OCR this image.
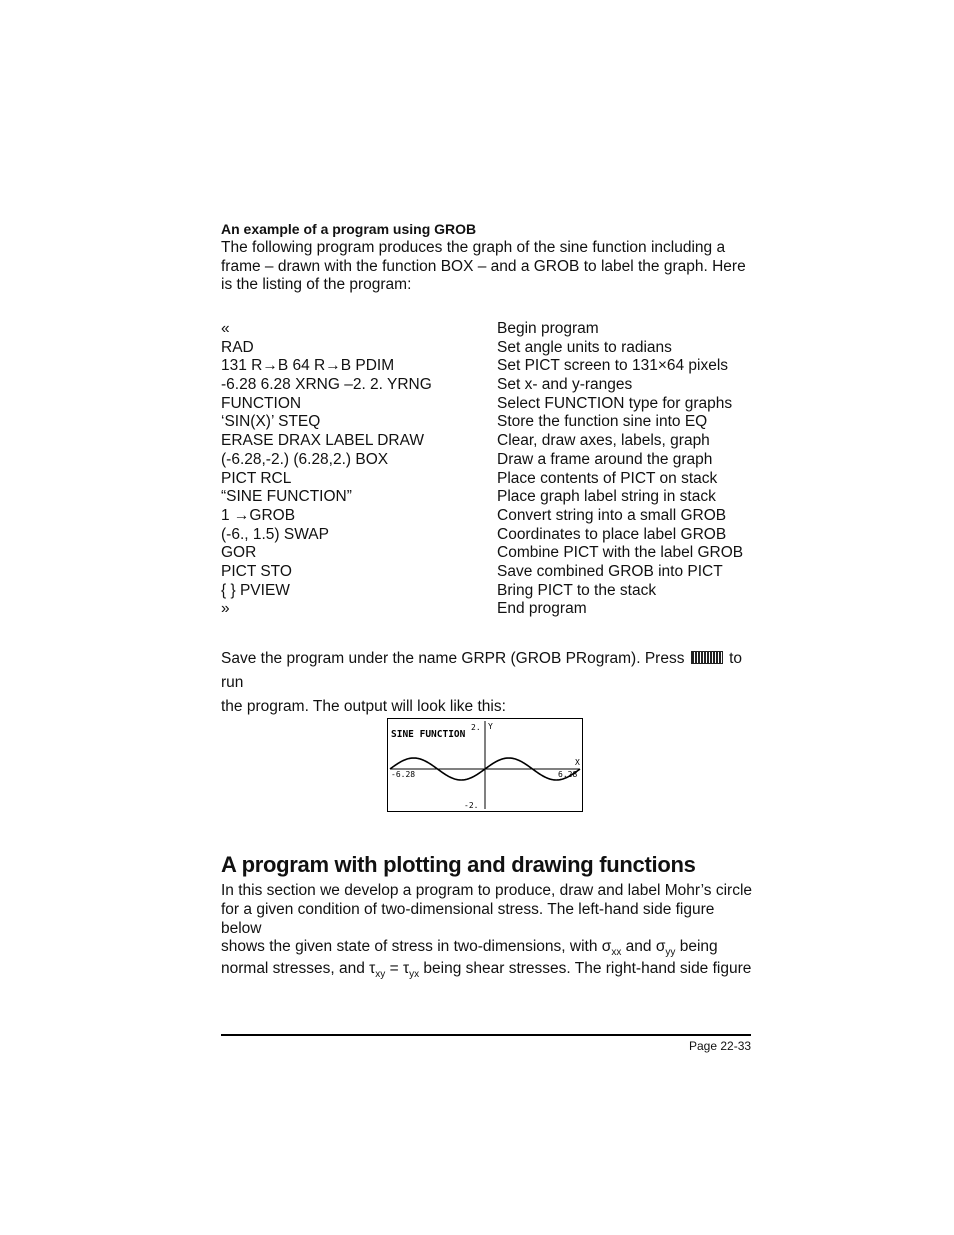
An example of a program using GROB
The following program produces the graph of the sine function including a frame – drawn with the function BOX – and a GROB to label the graph. Here is the listing of the program:
«	Begin program
RAD	Set angle units to radians
131 R→B 64 R→B PDIM	Set PICT screen to 131×64 pixels
-6.28 6.28 XRNG –2. 2. YRNG	Set x- and y-ranges
FUNCTION	Select FUNCTION type for graphs
‘SIN(X)’ STEQ	Store the function sine into EQ
ERASE DRAX LABEL DRAW	Clear, draw axes, labels, graph
(-6.28,-2.) (6.28,2.) BOX	Draw a frame around the graph
PICT RCL	Place contents of PICT on stack
“SINE FUNCTION”	Place graph label string in stack
1 →GROB	Convert string into a small GROB
(-6., 1.5) SWAP	Coordinates to place label GROB
GOR	Combine PICT with the label GROB
PICT STO	Save combined GROB into PICT
{ } PVIEW	Bring PICT to the stack
»	End program
Save the program under the name GRPR (GROB PRogram). Press	to run
the program. The output will look like this:
SINE FUNCTION
2. Y
-2.
-6.28	6.28
X
A program with plotting and drawing functions
In this section we develop a program to produce, draw and label Mohr’s circle
for a given condition of two-dimensional stress. The left-hand side figure below
shows the given state of stress in two-dimensions, with $\sigma_{xx}$ and $\sigma_{yy}$ being
normal stresses, and $\tau_{xy} = \tau_{yx}$ being shear stresses. The right-hand side figure
Page 22-33
